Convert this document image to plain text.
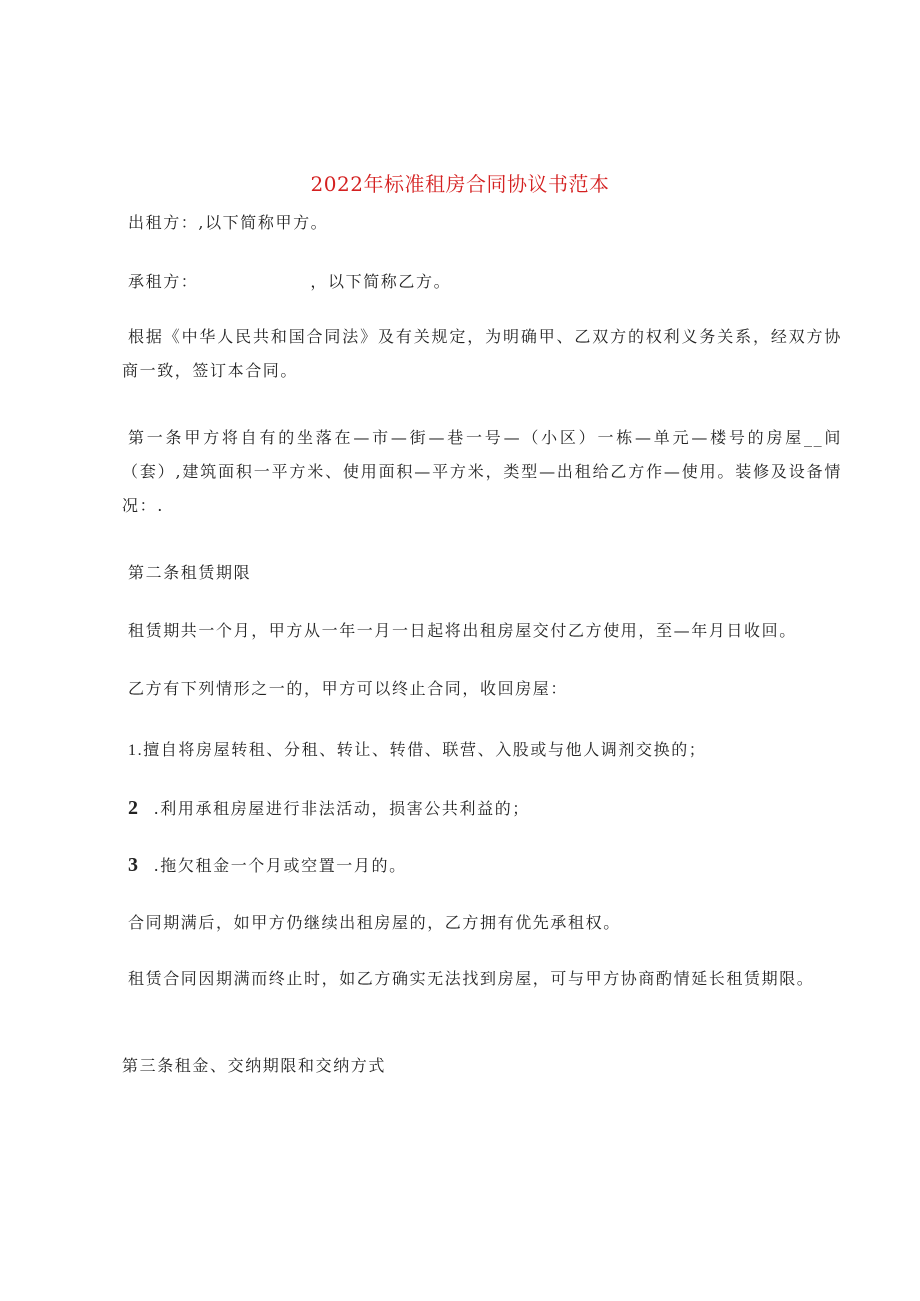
2022年标准租房合同协议书范本

出租方：,以下简称甲方。

承租方：	，以下简称乙方。

根据《中华人民共和国合同法》及有关规定，为明确甲、乙双方的权利义务关系，经双方协商一致，签订本合同。

第一条甲方将自有的坐落在—市—街—巷一号—（小区）一栋—单元—楼号的房屋__间（套）,建筑面积一平方米、使用面积—平方米，类型—出租给乙方作—使用。装修及设备情况：.

第二条租赁期限

租赁期共一个月，甲方从一年一月一日起将出租房屋交付乙方使用，至—年月日收回。

乙方有下列情形之一的，甲方可以终止合同，收回房屋：

1.擅自将房屋转租、分租、转让、转借、联营、入股或与他人调剂交换的；

2 .利用承租房屋进行非法活动，损害公共利益的；

3 .拖欠租金一个月或空置一月的。

合同期满后，如甲方仍继续出租房屋的，乙方拥有优先承租权。

租赁合同因期满而终止时，如乙方确实无法找到房屋，可与甲方协商酌情延长租赁期限。

第三条租金、交纳期限和交纳方式
